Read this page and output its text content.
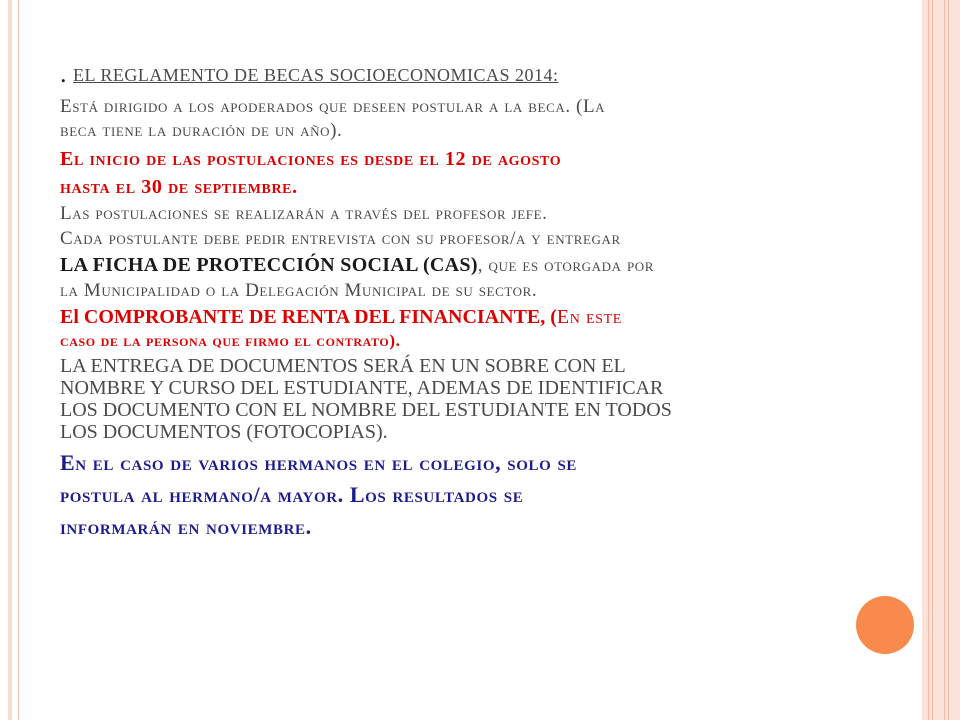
. EL REGLAMENTO DE BECAS SOCIOECONOMICAS 2014:
Está dirigido a los apoderados que deseen postular a la beca. (La
beca tiene la duración de un año).
El inicio de las postulaciones es desde el 12 de agosto
hasta el 30 de septiembre.
Las postulaciones se realizarán a través del profesor jefe.
Cada postulante debe pedir entrevista con su profesor/a y entregar
LA FICHA DE PROTECCIÓN SOCIAL (CAS), que es otorgada por
la Municipalidad o la Delegación Municipal de su sector.
El COMPROBANTE DE RENTA DEL FINANCIANTE, (En este
caso de la persona que firmo el contrato).
LA ENTREGA DE DOCUMENTOS SERÁ EN UN SOBRE CON EL
NOMBRE Y CURSO DEL ESTUDIANTE, ADEMAS DE IDENTIFICAR
LOS DOCUMENTO CON EL NOMBRE DEL ESTUDIANTE EN TODOS
LOS DOCUMENTOS (FOTOCOPIAS).
En el caso de varios hermanos en el colegio, solo se
postula al hermano/a mayor. Los resultados se
informarán en noviembre.
